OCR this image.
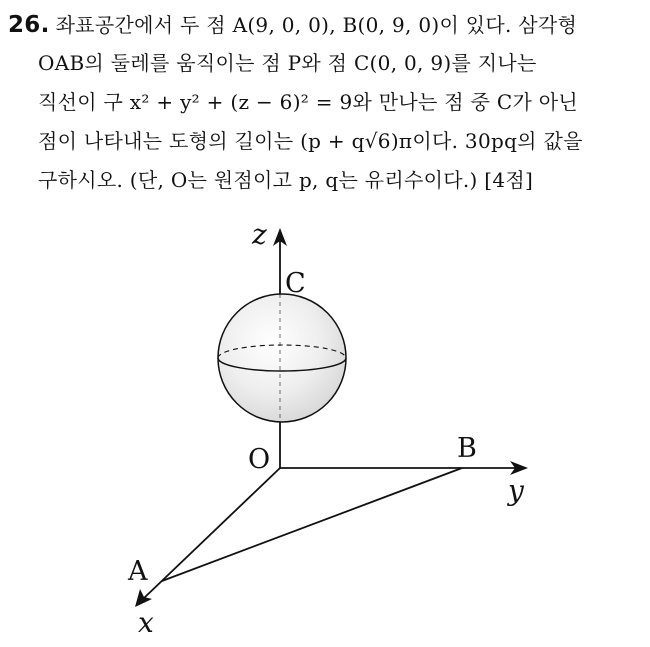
26. 좌표공간에서 두 점 A(9, 0, 0), B(0, 9, 0)이 있다. 삼각형
OAB의 둘레를 움직이는 점 P와 점 C(0, 0, 9)를 지나는
직선이 구 x² + y² + (z − 6)² = 9와 만나는 점 중 C가 아닌
점이 나타내는 도형의 길이는 (p + q√6)π이다. 30pq의 값을
구하시오. (단, O는 원점이고 p, q는 유리수이다.) [4점]
z
C
O	B
y
A
x
